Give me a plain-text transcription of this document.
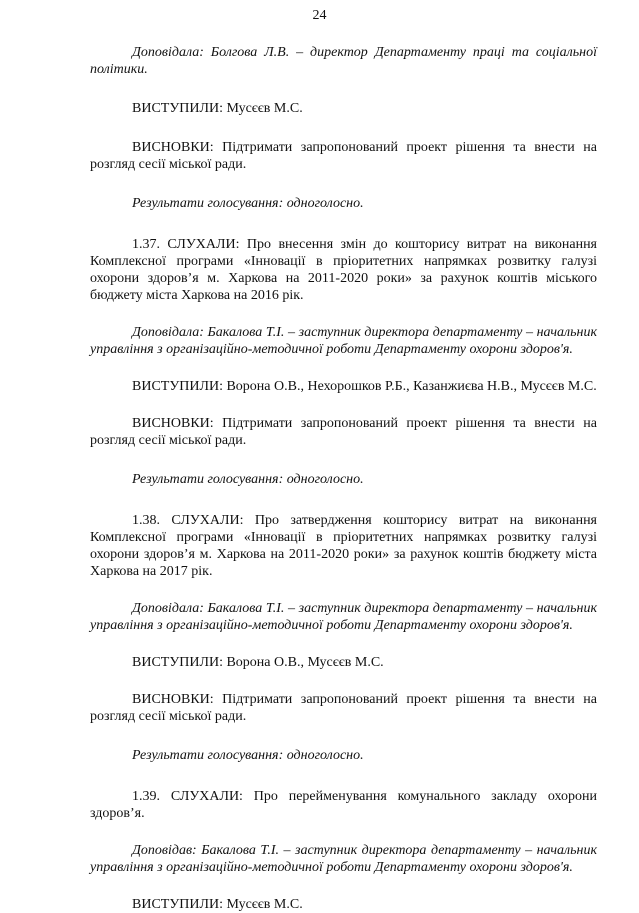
24

Доповідала: Болгова Л.В. – директор Департаменту праці та соціальної політики.

ВИСТУПИЛИ: Мусєєв М.С.

ВИСНОВКИ: Підтримати запропонований проект рішення та внести на розгляд сесії міської ради.

Результати голосування: одноголосно.

1.37. СЛУХАЛИ: Про внесення змін до кошторису витрат на виконання Комплексної програми «Інновації в пріоритетних напрямках розвитку галузі охорони здоров’я м. Харкова на 2011-2020 роки» за рахунок коштів міського бюджету міста Харкова на 2016 рік.

Доповідала: Бакалова Т.І. – заступник директора департаменту – начальник управління з організаційно-методичної роботи Департаменту охорони здоров'я.

ВИСТУПИЛИ: Ворона О.В., Нехорошков Р.Б., Казанжиєва Н.В., Мусєєв М.С.

ВИСНОВКИ: Підтримати запропонований проект рішення та внести на розгляд сесії міської ради.

Результати голосування: одноголосно.

1.38. СЛУХАЛИ: Про затвердження кошторису витрат на виконання Комплексної програми «Інновації в пріоритетних напрямках розвитку галузі охорони здоров’я м. Харкова на 2011-2020 роки» за рахунок коштів бюджету міста Харкова на 2017 рік.

Доповідала: Бакалова Т.І. – заступник директора департаменту – начальник управління з організаційно-методичної роботи Департаменту охорони здоров'я.

ВИСТУПИЛИ: Ворона О.В., Мусєєв М.С.

ВИСНОВКИ: Підтримати запропонований проект рішення та внести на розгляд сесії міської ради.

Результати голосування: одноголосно.

1.39. СЛУХАЛИ: Про перейменування комунального закладу охорони здоров’я.

Доповідав: Бакалова Т.І. – заступник директора департаменту – начальник управління з організаційно-методичної роботи Департаменту охорони здоров'я.

ВИСТУПИЛИ: Мусєєв М.С.
